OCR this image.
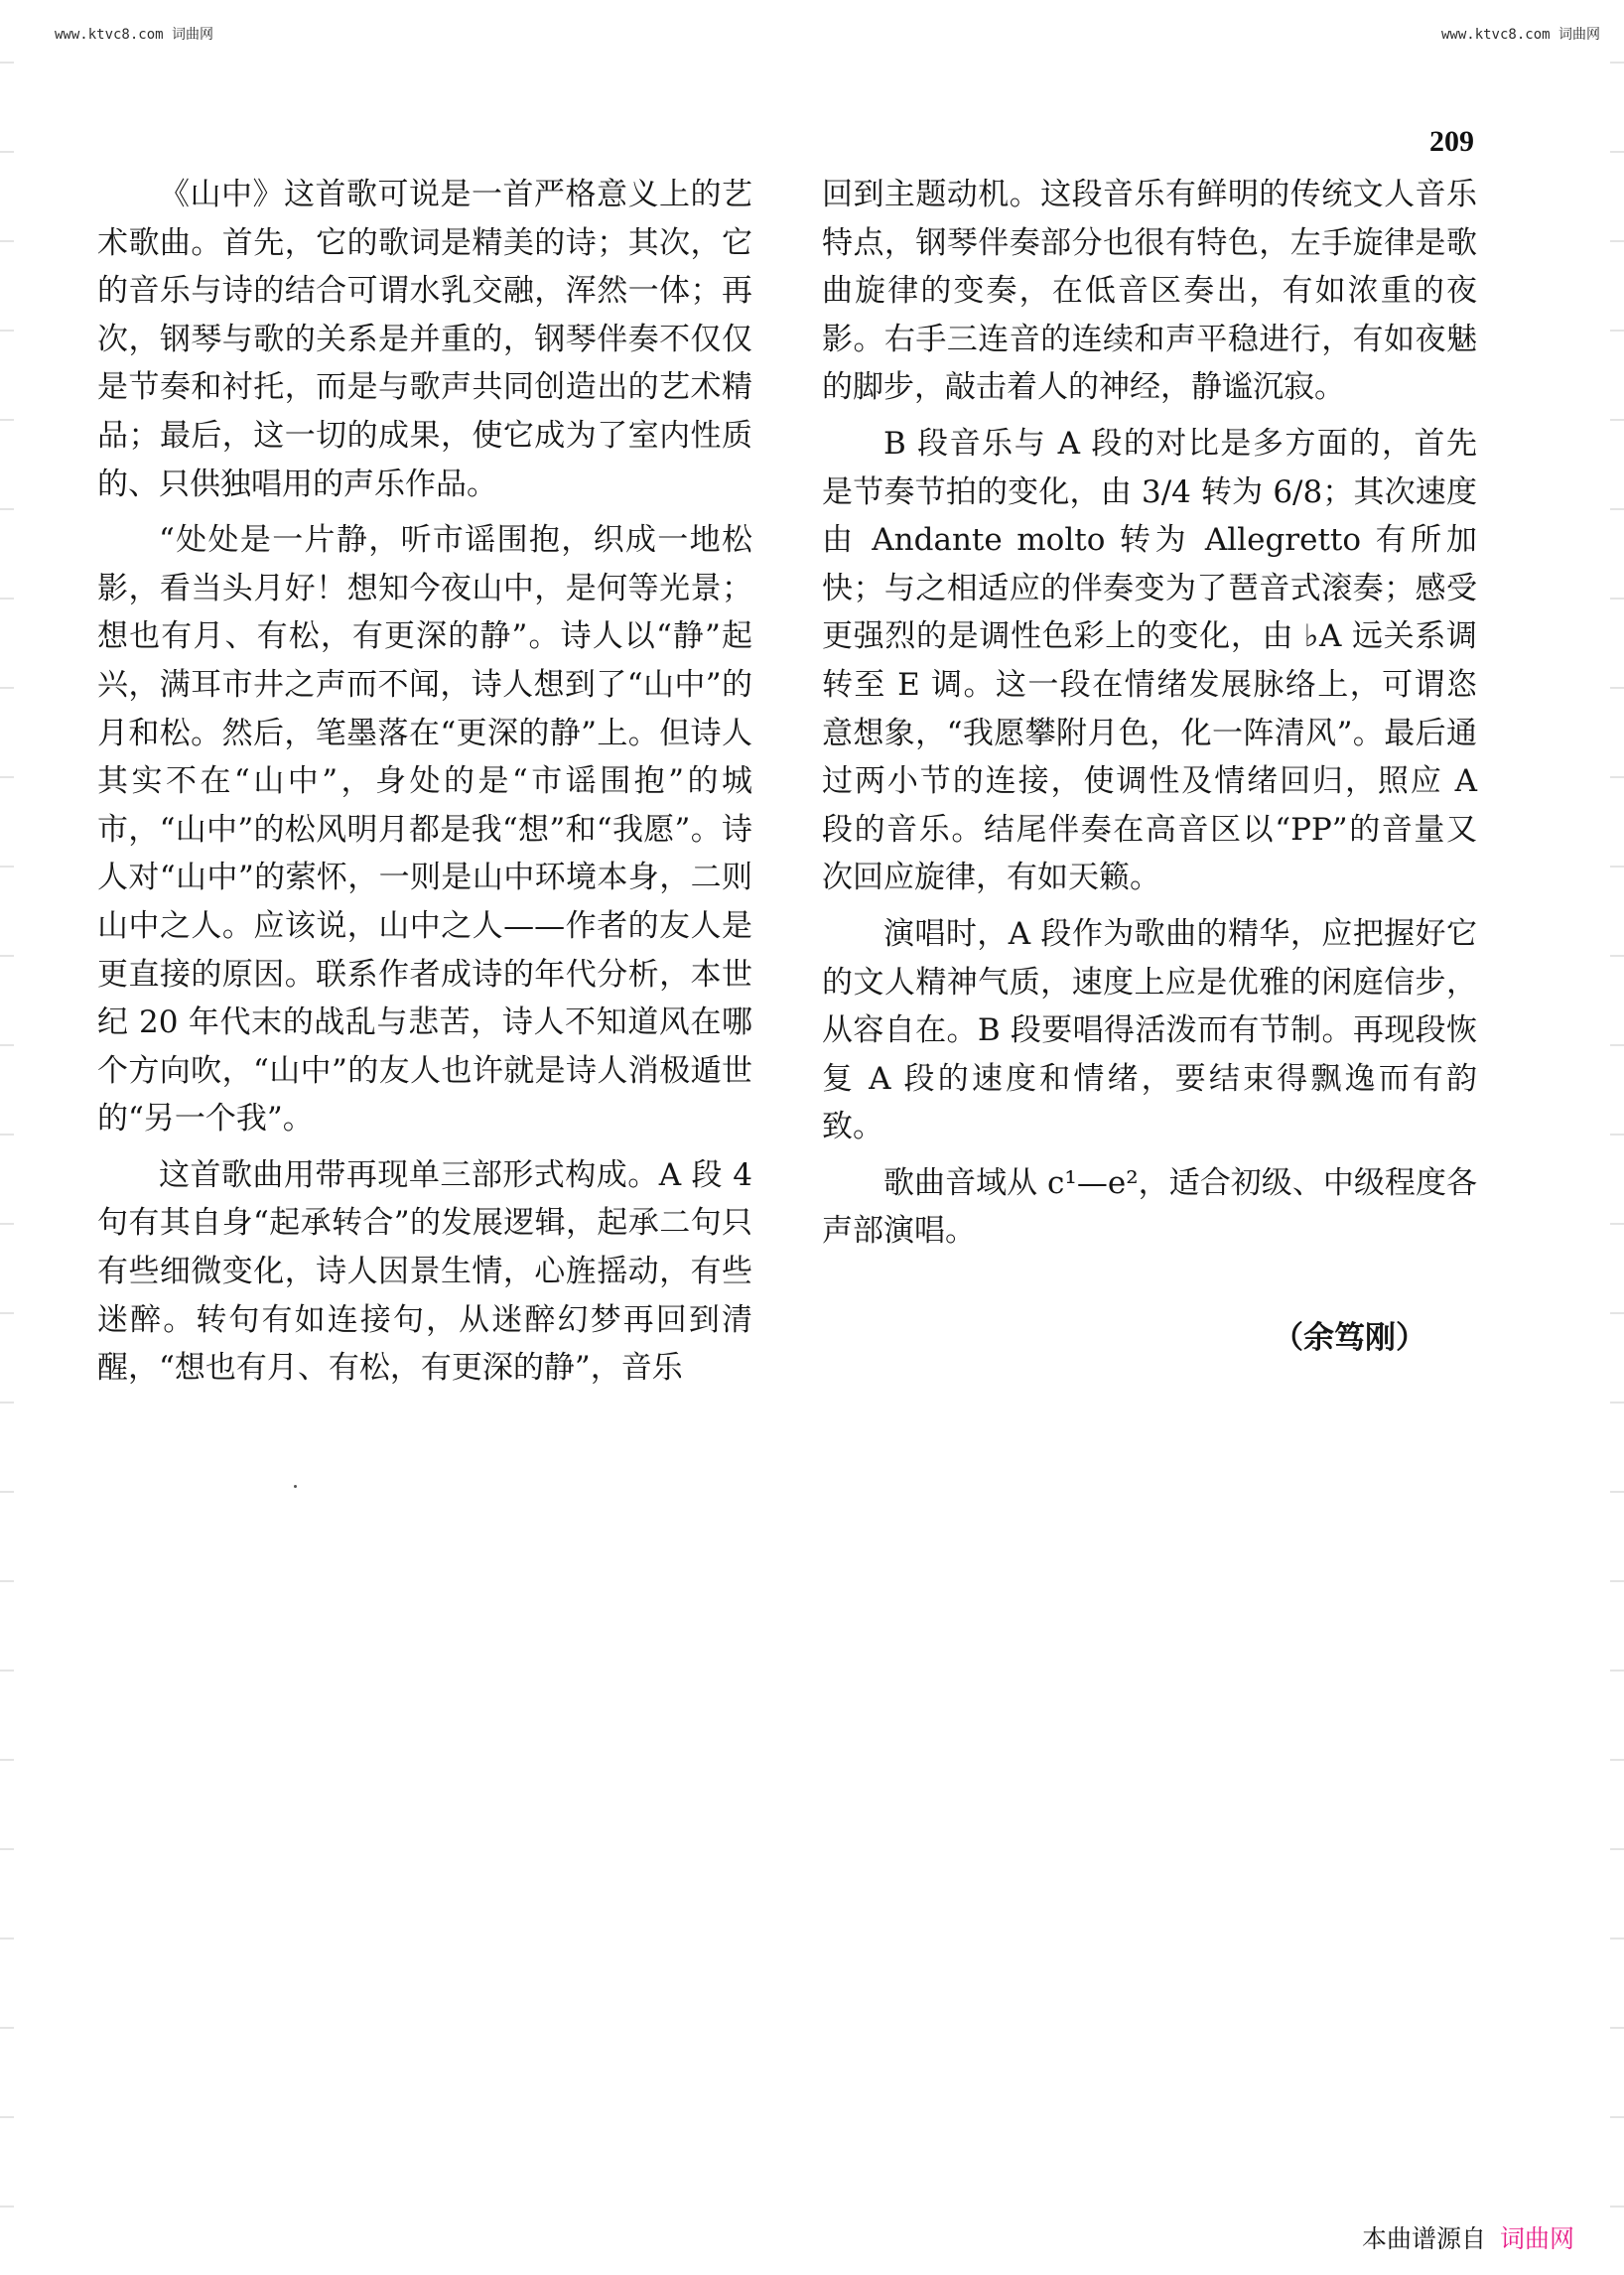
www.ktvc8.com 词曲网	www.ktvc8.com 词曲网
209

《山中》这首歌可说是一首严格意义上的艺术歌曲。首先，它的歌词是精美的诗；其次，它的音乐与诗的结合可谓水乳交融，浑然一体；再次，钢琴与歌的关系是并重的，钢琴伴奏不仅仅是节奏和衬托，而是与歌声共同创造出的艺术精品；最后，这一切的成果，使它成为了室内性质的、只供独唱用的声乐作品。

“处处是一片静，听市谣围抱，织成一地松影，看当头月好！想知今夜山中，是何等光景；想也有月、有松，有更深的静”。诗人以“静”起兴，满耳市井之声而不闻，诗人想到了“山中”的月和松。然后，笔墨落在“更深的静”上。但诗人其实不在“山中”，身处的是“市谣围抱”的城市，“山中”的松风明月都是我“想”和“我愿”。诗人对“山中”的萦怀，一则是山中环境本身，二则山中之人。应该说，山中之人——作者的友人是更直接的原因。联系作者成诗的年代分析，本世纪 20 年代末的战乱与悲苦，诗人不知道风在哪个方向吹，“山中”的友人也许就是诗人消极遁世的“另一个我”。

这首歌曲用带再现单三部形式构成。A 段 4 句有其自身“起承转合”的发展逻辑，起承二句只有些细微变化，诗人因景生情，心旌摇动，有些迷醉。转句有如连接句，从迷醉幻梦再回到清醒，“想也有月、有松，有更深的静”，音乐

回到主题动机。这段音乐有鲜明的传统文人音乐特点，钢琴伴奏部分也很有特色，左手旋律是歌曲旋律的变奏，在低音区奏出，有如浓重的夜影。右手三连音的连续和声平稳进行，有如夜魅的脚步，敲击着人的神经，静谧沉寂。

B 段音乐与 A 段的对比是多方面的，首先是节奏节拍的变化，由 3/4 转为 6/8；其次速度由 Andante molto 转为 Allegretto 有所加快；与之相适应的伴奏变为了琶音式滚奏；感受更强烈的是调性色彩上的变化，由 ♭A 远关系调转至 E 调。这一段在情绪发展脉络上，可谓恣意想象，“我愿攀附月色，化一阵清风”。最后通过两小节的连接，使调性及情绪回归，照应 A 段的音乐。结尾伴奏在高音区以“PP”的音量又次回应旋律，有如天籁。

演唱时，A 段作为歌曲的精华，应把握好它的文人精神气质，速度上应是优雅的闲庭信步，从容自在。B 段要唱得活泼而有节制。再现段恢复 A 段的速度和情绪，要结束得飘逸而有韵致。

歌曲音域从 c¹—e²，适合初级、中级程度各声部演唱。

（余笃刚）
本曲谱源自 词曲网
